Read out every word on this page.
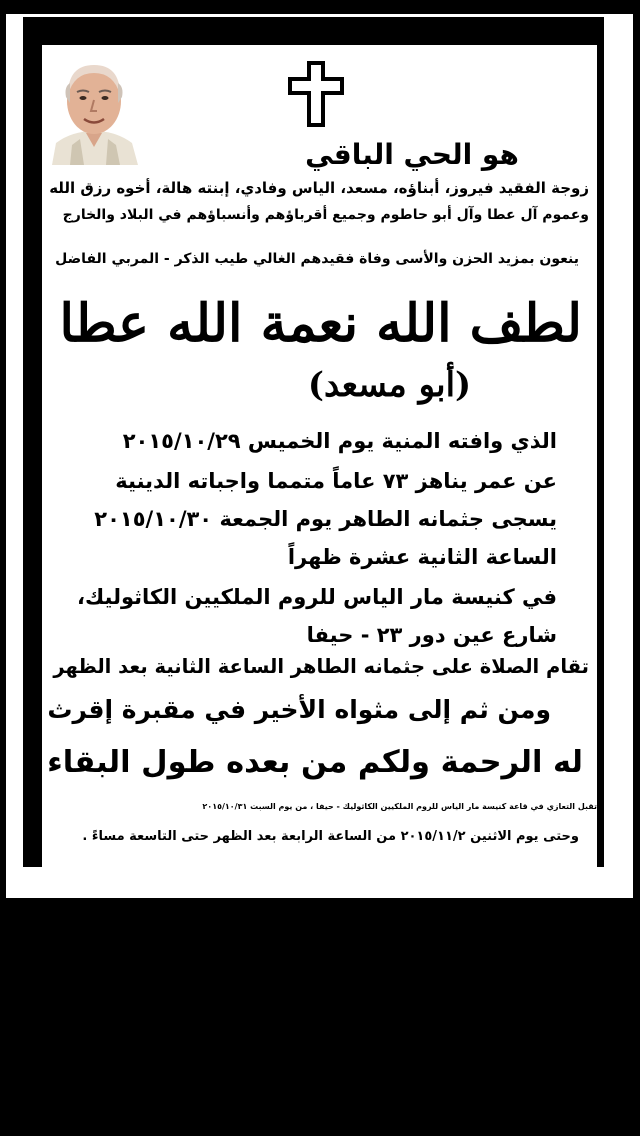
هو الحي الباقي
زوجة الفقيد فيروز، أبناؤه، مسعد، الياس وفادي، إبنته هالة، أخوه رزق الله
وعموم آل عطا وآل أبو حاطوم وجميع أقرباؤهم وأنسباؤهم في البلاد والخارج
ينعون بمزيد الحزن والأسى وفاة فقيدهم الغالي طيب الذكر - المربي الفاضل
لطف الله نعمة الله عطا
(أبو مسعد)
الذي وافته المنية يوم الخميس ٢٠١٥/١٠/٢٩
عن عمر يناهز ٧٣ عاماً متمما واجباته الدينية
يسجى جثمانه الطاهر يوم الجمعة ٢٠١٥/١٠/٣٠
الساعة الثانية عشرة ظهراً
في كنيسة مار الياس للروم الملكيين الكاثوليك،
شارع عين دور ٢٣ - حيفا
تقام الصلاة على جثمانه الطاهر الساعة الثانية بعد الظهر
ومن ثم إلى مثواه الأخير في مقبرة إقرث
له الرحمة ولكم من بعده طول البقاء
تقبل التعازي في قاعة كنيسة مار الياس للروم الملكيين الكاثوليك - حيفا ، من يوم السبت ٢٠١٥/١٠/٣١
وحتى يوم الاثنين ٢٠١٥/١١/٢ من الساعة الرابعة بعد الظهر حتى التاسعة مساءً .
